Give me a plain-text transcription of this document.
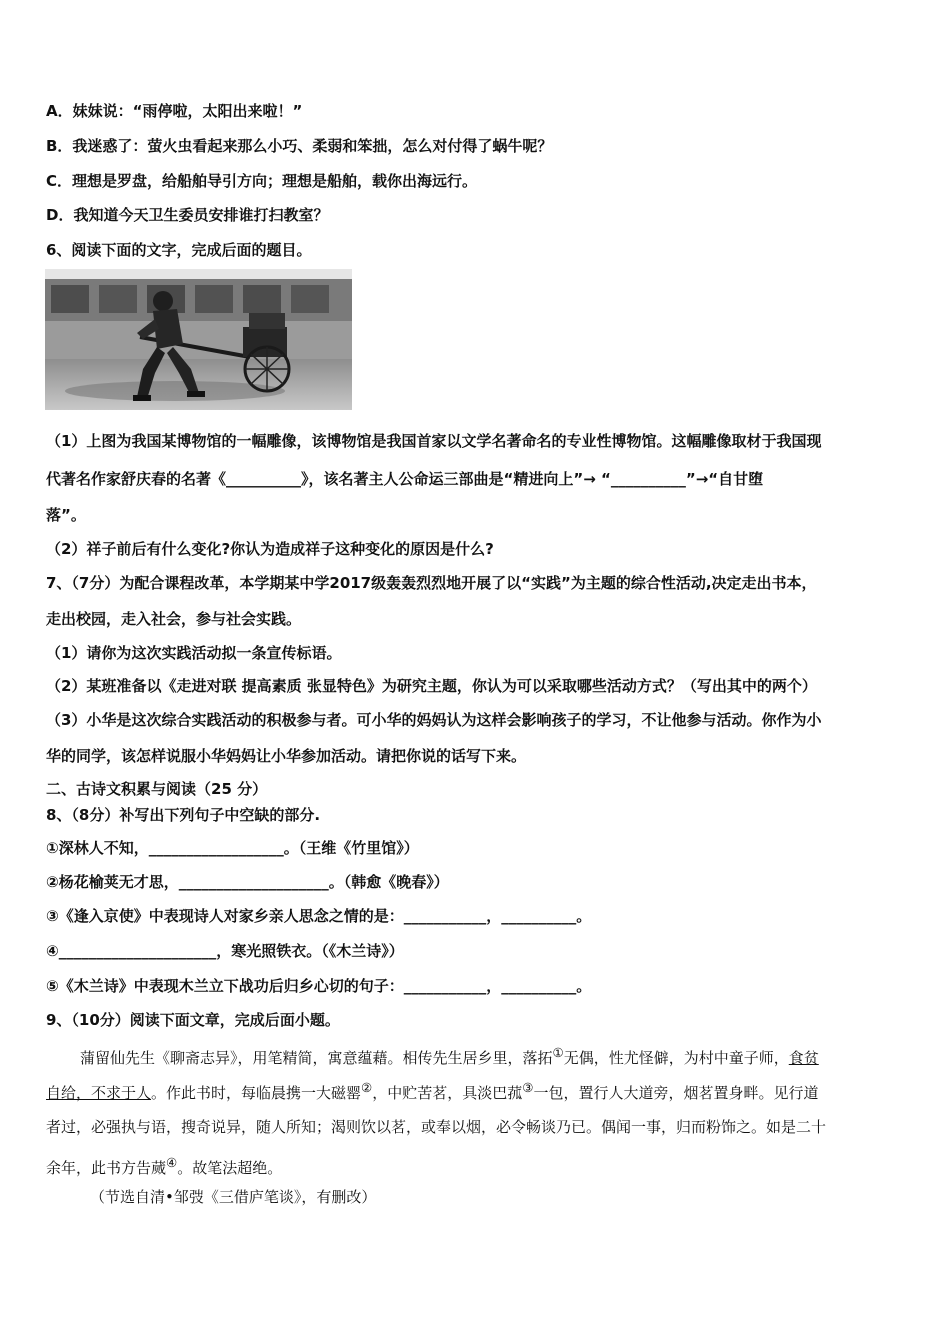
A．妹妹说：“雨停啦，太阳出来啦！”
B．我迷惑了：萤火虫看起来那么小巧、柔弱和笨拙，怎么对付得了蜗牛呢？
C．理想是罗盘，给船舶导引方向；理想是船舶，载你出海远行。
D．我知道今天卫生委员安排谁打扫教室？
6、阅读下面的文字，完成后面的题目。
（1）上图为我国某博物馆的一幅雕像，该博物馆是我国首家以文学名著命名的专业性博物馆。这幅雕像取材于我国现
代著名作家舒庆春的名著《__________》，该名著主人公命运三部曲是“精进向上”→ “__________”→“自甘堕
落”。
（2）祥子前后有什么变化?你认为造成祥子这种变化的原因是什么?
7、（7分）为配合课程改革，本学期某中学2017级轰轰烈烈地开展了以“实践”为主题的综合性活动,决定走出书本，
走出校园，走入社会，参与社会实践。
（1）请你为这次实践活动拟一条宣传标语。
（2）某班准备以《走进对联 提高素质 张显特色》为研究主题，你认为可以采取哪些活动方式？（写出其中的两个）
（3）小华是这次综合实践活动的积极参与者。可小华的妈妈认为这样会影响孩子的学习，不让他参与活动。你作为小
华的同学，该怎样说服小华妈妈让小华参加活动。请把你说的话写下来。
二、古诗文积累与阅读（25 分）
8、（8分）补写出下列句子中空缺的部分.
①深林人不知，__________________。（王维《竹里馆》）
②杨花榆荚无才思，____________________。（韩愈《晚春》）
③《逢入京使》中表现诗人对家乡亲人思念之情的是：___________，__________。
④_____________________，寒光照铁衣。（《木兰诗》）
⑤《木兰诗》中表现木兰立下战功后归乡心切的句子：___________，__________。
9、（10分）阅读下面文章，完成后面小题。
蒲留仙先生《聊斋志异》，用笔精简，寓意蕴藉。相传先生居乡里，落拓①无偶，性尤怪僻，为村中童子师，食贫
自给，不求于人。作此书时，每临晨携一大磁罂②，中贮苦茗，具淡巴菰③一包，置行人大道旁，烟茗置身畔。见行道
者过，必强执与语，搜奇说异，随人所知；渴则饮以茗，或奉以烟，必令畅谈乃已。偶闻一事，归而粉饰之。如是二十
余年，此书方告蒇④。故笔法超绝。
（节选自清•邹弢《三借庐笔谈》，有删改）
